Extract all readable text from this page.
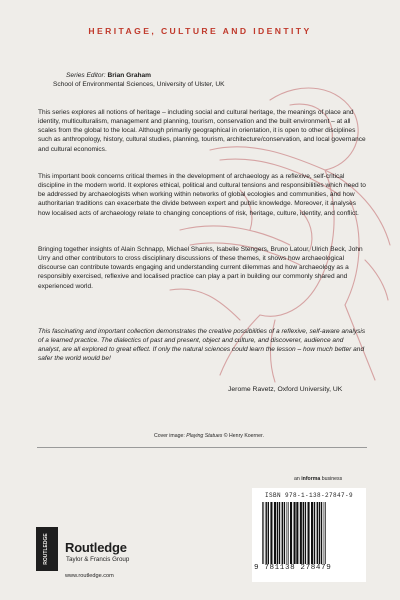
HERITAGE, CULTURE AND IDENTITY
Series Editor: Brian Graham
School of Environmental Sciences, University of Ulster, UK

This series explores all notions of heritage – including social and cultural heritage, the meanings of place and identity, multiculturalism, management and planning, tourism, conservation and the built environment – at all scales from the global to the local. Although primarily geographical in orientation, it is open to other disciplines such as anthropology, history, cultural studies, planning, tourism, architecture/conservation, and local governance and cultural economics.

This important book concerns critical themes in the development of archaeology as a reflexive, self-critical discipline in the modern world. It explores ethical, political and cultural tensions and responsibilities which need to be addressed by archaeologists when working within networks of global ecologies and communities, and how authoritarian traditions can exacerbate the divide between expert and public knowledge. Moreover, it analyses how localised acts of archaeology relate to changing conceptions of risk, heritage, culture, identity, and conflict.

Bringing together insights of Alain Schnapp, Michael Shanks, Isabelle Stengers, Bruno Latour, Ulrich Beck, John Urry and other contributors to cross disciplinary discussions of these themes, it shows how archaeological discourse can contribute towards engaging and understanding current dilemmas and how archaeology as a responsibly exercised, reflexive and localised practice can play a part in building our commonly shared and experienced world.

This fascinating and important collection demonstrates the creative possibilities of a reflexive, self-aware analysis of a learned practice. The dialectics of past and present, object and culture, and discoverer, audience and analyst, are all explored to great effect. If only the natural sciences could learn the lesson – how much better and safer the world would be!

Jerome Ravetz, Oxford University, UK
Cover image: Playing Statues © Henry Koerner.
an informa business
ROUTLEDGE Routledge
Taylor & Francis Group
www.routledge.com
ISBN 978-1-138-27847-9
9 781138 278479
